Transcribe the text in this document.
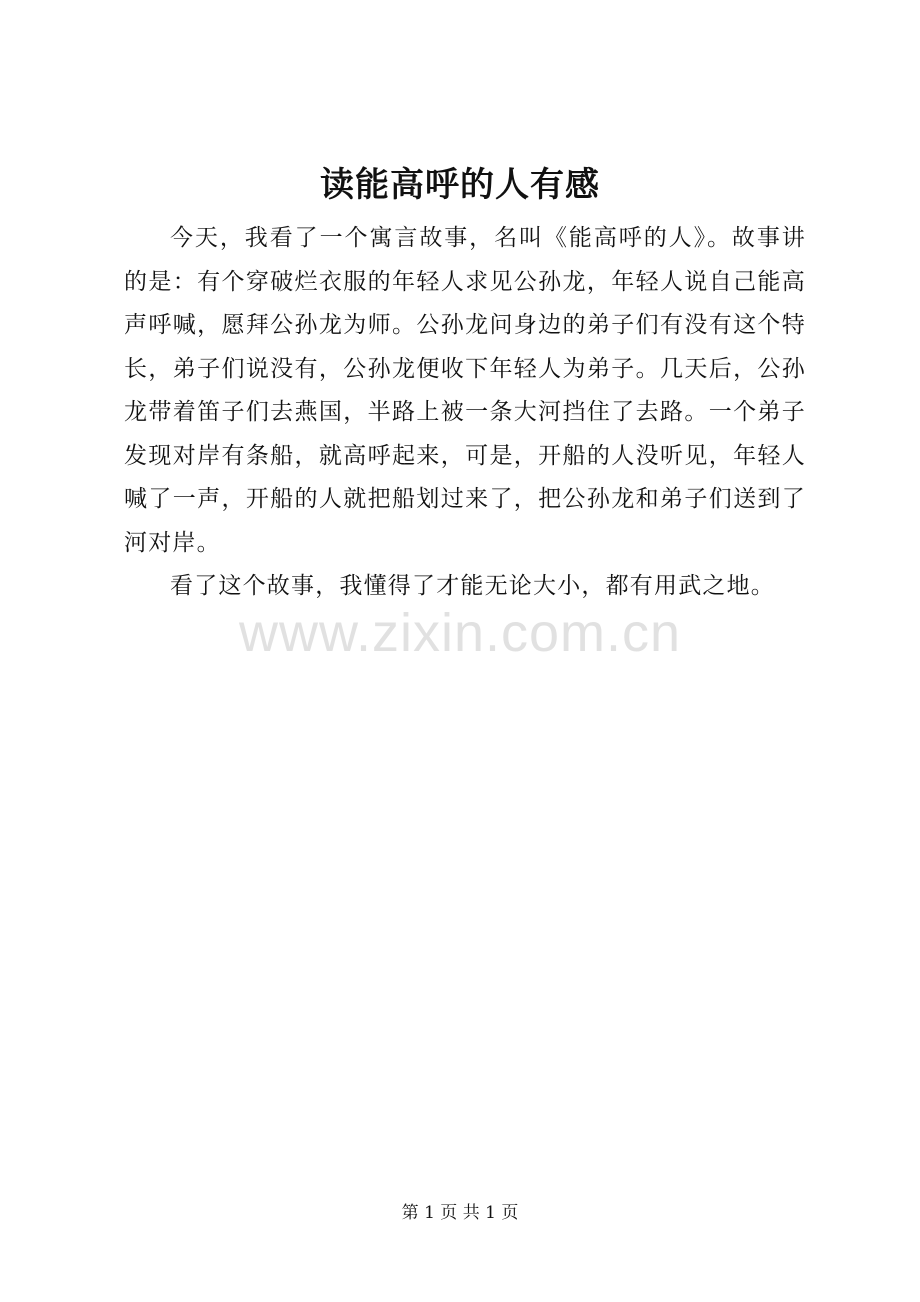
读能高呼的人有感

今天，我看了一个寓言故事，名叫《能高呼的人》。故事讲的是：有个穿破烂衣服的年轻人求见公孙龙，年轻人说自己能高声呼喊，愿拜公孙龙为师。公孙龙问身边的弟子们有没有这个特长，弟子们说没有，公孙龙便收下年轻人为弟子。几天后，公孙龙带着笛子们去燕国，半路上被一条大河挡住了去路。一个弟子发现对岸有条船，就高呼起来，可是，开船的人没听见，年轻人喊了一声，开船的人就把船划过来了，把公孙龙和弟子们送到了河对岸。

看了这个故事，我懂得了才能无论大小，都有用武之地。

www.zixin.com.cn
第 1 页 共 1 页
